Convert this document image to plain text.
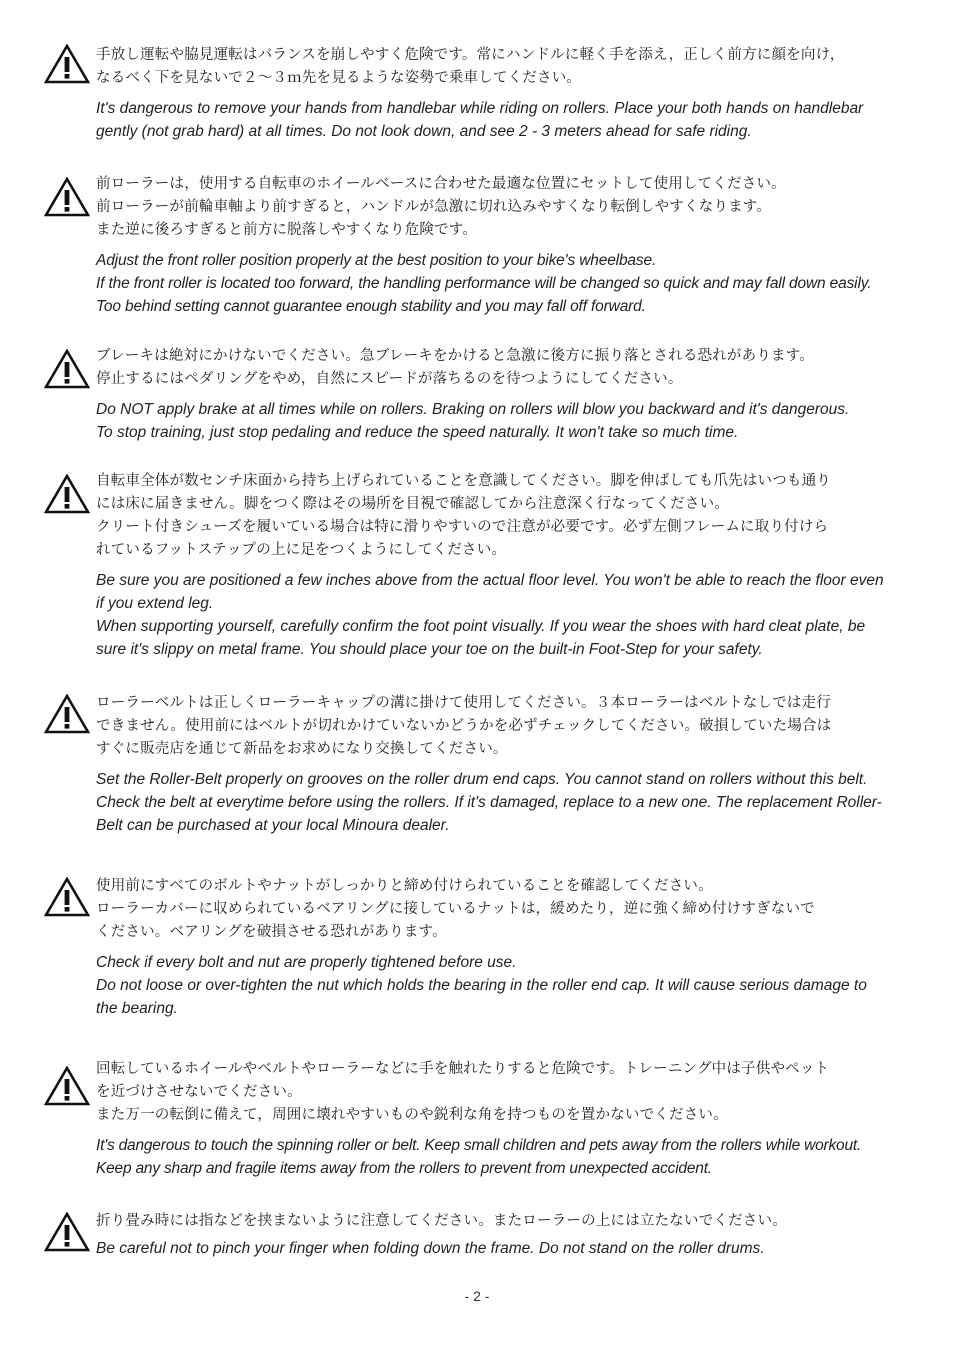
手放し運転や脇見運転はバランスを崩しやすく危険です。常にハンドルに軽く手を添え，正しく前方に顔を向け，
なるべく下を見ないで２〜３ｍ先を見るような姿勢で乗車してください。

It's dangerous to remove your hands from handlebar while riding on rollers. Place your both hands on handlebar
gently (not grab hard) at all times. Do not look down, and see 2 - 3 meters ahead for safe riding.

前ローラーは，使用する自転車のホイールベースに合わせた最適な位置にセットして使用してください。
前ローラーが前輪車軸より前すぎると，ハンドルが急激に切れ込みやすくなり転倒しやすくなります。
また逆に後ろすぎると前方に脱落しやすくなり危険です。

Adjust the front roller position properly at the best position to your bike's wheelbase.
If the front roller is located too forward, the handling performance will be changed so quick and may fall down easily.
Too behind setting cannot guarantee enough stability and you may fall off forward.

ブレーキは絶対にかけないでください。急ブレーキをかけると急激に後方に振り落とされる恐れがあります。
停止するにはペダリングをやめ，自然にスピードが落ちるのを待つようにしてください。

Do NOT apply brake at all times while on rollers. Braking on rollers will blow you backward and it's dangerous.
To stop training, just stop pedaling and reduce the speed naturally. It won't take so much time.

自転車全体が数センチ床面から持ち上げられていることを意識してください。脚を伸ばしても爪先はいつも通り
には床に届きません。脚をつく際はその場所を目視で確認してから注意深く行なってください。
クリート付きシューズを履いている場合は特に滑りやすいので注意が必要です。必ず左側フレームに取り付けら
れているフットステップの上に足をつくようにしてください。

Be sure you are positioned a few inches above from the actual floor level. You won't be able to reach the floor even
if you extend leg.
When supporting yourself, carefully confirm the foot point visually. If you wear the shoes with hard cleat plate, be
sure it's slippy on metal frame. You should place your toe on the built-in Foot-Step for your safety.

ローラーベルトは正しくローラーキャップの溝に掛けて使用してください。３本ローラーはベルトなしでは走行
できません。使用前にはベルトが切れかけていないかどうかを必ずチェックしてください。破損していた場合は
すぐに販売店を通じて新品をお求めになり交換してください。

Set the Roller-Belt properly on grooves on the roller drum end caps. You cannot stand on rollers without this belt.
Check the belt at everytime before using the rollers. If it's damaged, replace to a new one. The replacement Roller-
Belt can be purchased at your local Minoura dealer.

使用前にすべてのボルトやナットがしっかりと締め付けられていることを確認してください。
ローラーカバーに収められているベアリングに接しているナットは，緩めたり，逆に強く締め付けすぎないで
ください。ベアリングを破損させる恐れがあります。

Check if every bolt and nut are properly tightened before use.
Do not loose or over-tighten the nut which holds the bearing in the roller end cap. It will cause serious damage to
the bearing.

回転しているホイールやベルトやローラーなどに手を触れたりすると危険です。トレーニング中は子供やペット
を近づけさせないでください。
また万一の転倒に備えて，周囲に壊れやすいものや鋭利な角を持つものを置かないでください。

It's dangerous to touch the spinning roller or belt. Keep small children and pets away from the rollers while workout.
Keep any sharp and fragile items away from the rollers to prevent from unexpected accident.

折り畳み時には指などを挟まないように注意してください。またローラーの上には立たないでください。

Be careful not to pinch your finger when folding down the frame. Do not stand on the roller drums.

- 2 -
